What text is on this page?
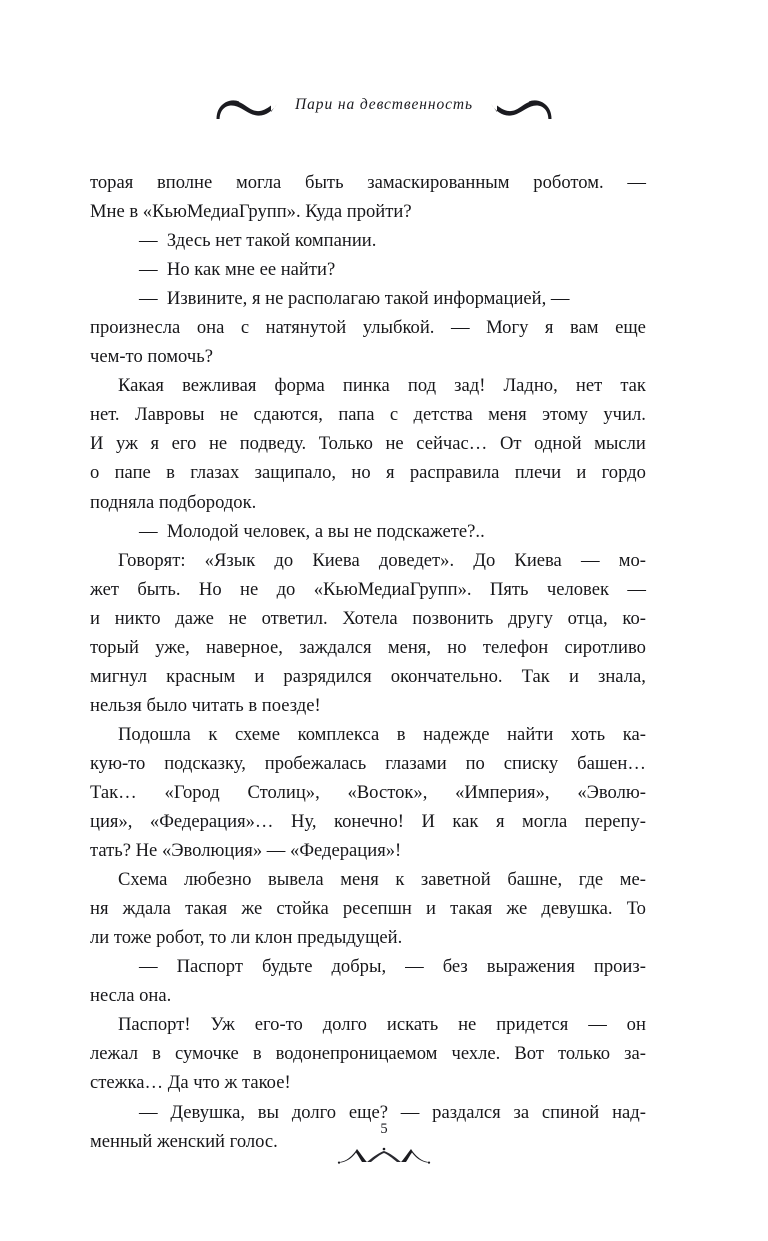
Пари на девственность
торая вполне могла быть замаскированным роботом. —
Мне в «КьюМедиаГрупп». Куда пройти?
—  Здесь нет такой компании.
—  Но как мне ее найти?
—  Извините, я не располагаю такой информацией, —
произнесла она с натянутой улыбкой. — Могу я вам еще
чем-то помочь?
Какая вежливая форма пинка под зад! Ладно, нет так
нет. Лавровы не сдаются, папа с детства меня этому учил.
И уж я его не подведу. Только не сейчас… От одной мысли
о папе в глазах защипало, но я расправила плечи и гордо
подняла подбородок.
—  Молодой человек, а вы не подскажете?..
Говорят: «Язык до Киева доведет». До Киева — мо-
жет быть. Но не до «КьюМедиаГрупп». Пять человек —
и никто даже не ответил. Хотела позвонить другу отца, ко-
торый уже, наверное, заждался меня, но телефон сиротливо
мигнул красным и разрядился окончательно. Так и знала,
нельзя было читать в поезде!
Подошла к схеме комплекса в надежде найти хоть ка-
кую-то подсказку, пробежалась глазами по списку башен…
Так… «Город Столиц», «Восток», «Империя», «Эволю-
ция», «Федерация»… Ну, конечно! И как я могла перепу-
тать? Не «Эволюция» — «Федерация»!
Схема любезно вывела меня к заветной башне, где ме-
ня ждала такая же стойка ресепшн и такая же девушка. То
ли тоже робот, то ли клон предыдущей.
— Паспорт будьте добры, — без выражения произ-
несла она.
Паспорт! Уж его-то долго искать не придется — он
лежал в сумочке в водонепроницаемом чехле. Вот только за-
стежка… Да что ж такое!
— Девушка, вы долго еще? — раздался за спиной над-
менный женский голос.
5
